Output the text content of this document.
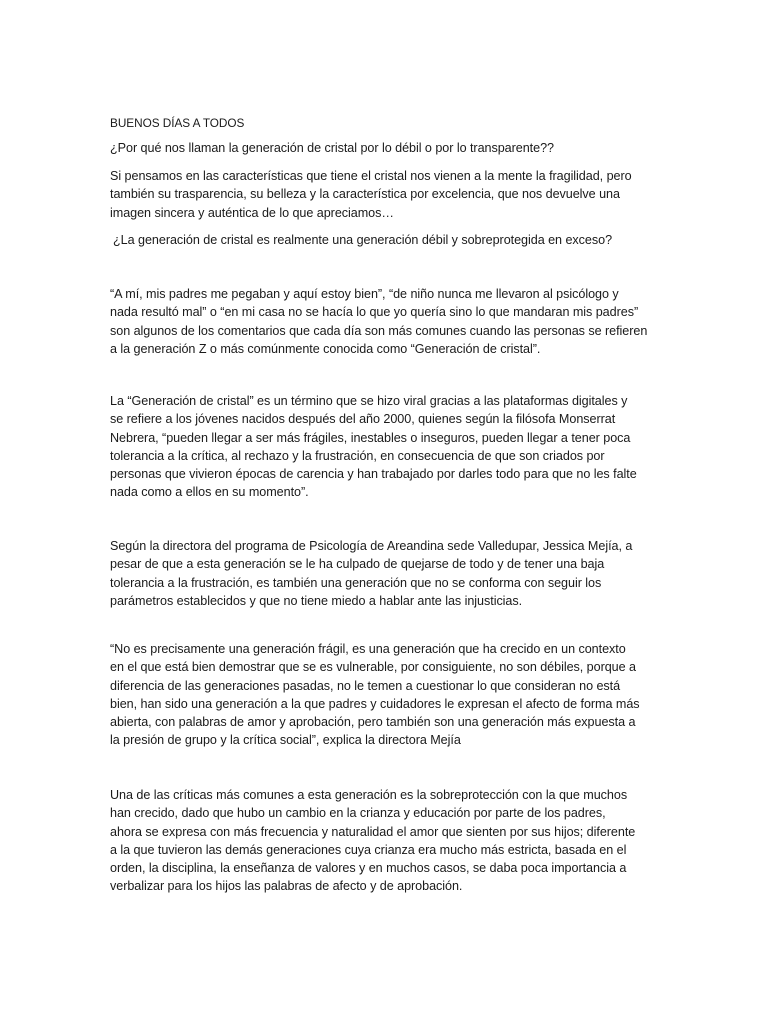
BUENOS DÍAS A TODOS
¿Por qué nos llaman la generación de cristal por lo débil o por lo transparente??
Si pensamos en las características que tiene el cristal nos vienen a la mente la fragilidad, pero
también su trasparencia, su belleza y la característica por excelencia, que nos devuelve una
imagen sincera y auténtica de lo que apreciamos…
¿La generación de cristal es realmente una generación débil y sobreprotegida en exceso?
“A mí, mis padres me pegaban y aquí estoy bien”, “de niño nunca me llevaron al psicólogo y
nada resultó mal” o “en mi casa no se hacía lo que yo quería sino lo que mandaran mis padres”
son algunos de los comentarios que cada día son más comunes cuando las personas se refieren
a la generación Z o más comúnmente conocida como “Generación de cristal”.
La “Generación de cristal” es un término que se hizo viral gracias a las plataformas digitales y
se refiere a los jóvenes nacidos después del año 2000, quienes según la filósofa Monserrat
Nebrera, “pueden llegar a ser más frágiles, inestables o inseguros, pueden llegar a tener poca
tolerancia a la crítica, al rechazo y la frustración, en consecuencia de que son criados por
personas que vivieron épocas de carencia y han trabajado por darles todo para que no les falte
nada como a ellos en su momento”.
Según la directora del programa de Psicología de Areandina sede Valledupar, Jessica Mejía, a
pesar de que a esta generación se le ha culpado de quejarse de todo y de tener una baja
tolerancia a la frustración, es también una generación que no se conforma con seguir los
parámetros establecidos y que no tiene miedo a hablar ante las injusticias.
“No es precisamente una generación frágil, es una generación que ha crecido en un contexto
en el que está bien demostrar que se es vulnerable, por consiguiente, no son débiles, porque a
diferencia de las generaciones pasadas, no le temen a cuestionar lo que consideran no está
bien, han sido una generación a la que padres y cuidadores le expresan el afecto de forma más
abierta, con palabras de amor y aprobación, pero también son una generación más expuesta a
la presión de grupo y la crítica social”, explica la directora Mejía
Una de las críticas más comunes a esta generación es la sobreprotección con la que muchos
han crecido, dado que hubo un cambio en la crianza y educación por parte de los padres,
ahora se expresa con más frecuencia y naturalidad el amor que sienten por sus hijos; diferente
a la que tuvieron las demás generaciones cuya crianza era mucho más estricta, basada en el
orden, la disciplina, la enseñanza de valores y en muchos casos, se daba poca importancia a
verbalizar para los hijos las palabras de afecto y de aprobación.
